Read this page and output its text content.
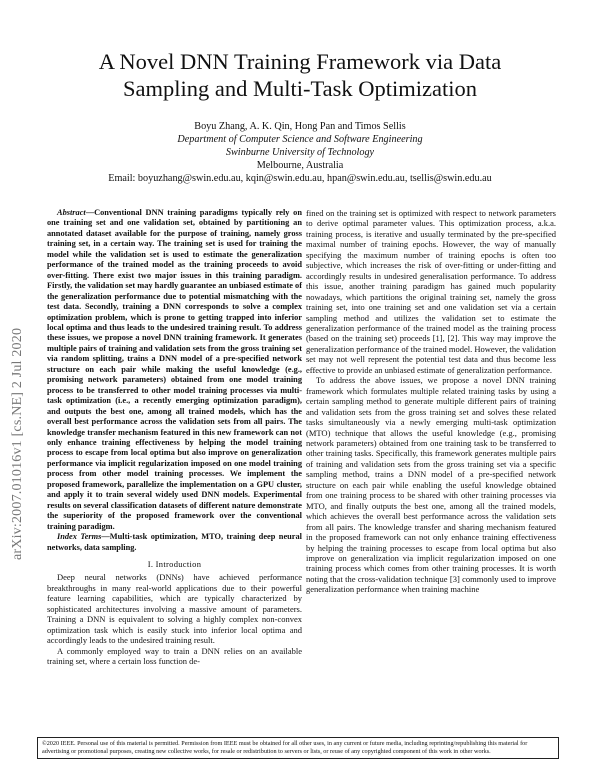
A Novel DNN Training Framework via Data
Sampling and Multi-Task Optimization
Boyu Zhang, A. K. Qin, Hong Pan and Timos Sellis
Department of Computer Science and Software Engineering
Swinburne University of Technology
Melbourne, Australia
Email: boyuzhang@swin.edu.au, kqin@swin.edu.au, hpan@swin.edu.au, tsellis@swin.edu.au
arXiv:2007.01016v1 [cs.NE] 2 Jul 2020

Abstract—Conventional DNN training paradigms typically rely on one training set and one validation set, obtained by partitioning an annotated dataset available for the purpose of training, namely gross training set, in a certain way. The training set is used for training the model while the validation set is used to estimate the generalization performance of the trained model as the training proceeds to avoid over-fitting. There exist two major issues in this training paradigm. Firstly, the validation set may hardly guarantee an unbiased estimate of the generalization performance due to potential mismatching with the test data. Secondly, training a DNN corresponds to solve a complex optimization problem, which is prone to getting trapped into inferior local optima and thus leads to the undesired training result. To address these issues, we propose a novel DNN training framework. It generates multiple pairs of training and validation sets from the gross training set via random splitting, trains a DNN model of a pre-specified network structure on each pair while making the useful knowledge (e.g., promising network parameters) obtained from one model training process to be transferred to other model training processes via multi-task optimization (i.e., a recently emerging optimization paradigm), and outputs the best one, among all trained models, which has the overall best performance across the validation sets from all pairs. The knowledge transfer mechanism featured in this new framework can not only enhance training effectiveness by helping the model training process to escape from local optima but also improve on generalization performance via implicit regularization imposed on one model training process from other model training processes. We implement the proposed framework, parallelize the implementation on a GPU cluster, and apply it to train several widely used DNN models. Experimental results on several classification datasets of different nature demonstrate the superiority of the proposed framework over the conventional training paradigm.

Index Terms—Multi-task optimization, MTO, training deep neural networks, data sampling.

I. Introduction

Deep neural networks (DNNs) have achieved performance breakthroughs in many real-world applications due to their powerful feature learning capabilities, which are typically characterized by sophisticated architectures involving a massive amount of parameters. Training a DNN is equivalent to solving a highly complex non-convex optimization task which is easily stuck into inferior local optima and accordingly leads to the undesired training result.

A commonly employed way to train a DNN relies on an available training set, where a certain loss function de-

fined on the training set is optimized with respect to network parameters to derive optimal parameter values. This optimization process, a.k.a. training process, is iterative and usually terminated by the pre-specified maximal number of training epochs. However, the way of manually specifying the maximum number of training epochs is often too subjective, which increases the risk of over-fitting or under-fitting and accordingly results in undesired generalisation performance. To address this issue, another training paradigm has gained much popularity nowadays, which partitions the original training set, namely the gross training set, into one training set and one validation set via a certain sampling method and utilizes the validation set to estimate the generalization performance of the trained model as the training process (based on the training set) proceeds [1], [2]. This way may improve the generalization performance of the trained model. However, the validation set may not well represent the potential test data and thus become less effective to provide an unbiased estimate of generalization performance.

To address the above issues, we propose a novel DNN training framework which formulates multiple related training tasks by using a certain sampling method to generate multiple different pairs of training and validation sets from the gross training set and solves these related tasks simultaneously via a newly emerging multi-task optimization (MTO) technique that allows the useful knowledge (e.g., promising network parameters) obtained from one training task to be transferred to other training tasks. Specifically, this framework generates multiple pairs of training and validation sets from the gross training set via a specific sampling method, trains a DNN model of a pre-specified network structure on each pair while enabling the useful knowledge obtained from one training process to be shared with other training processes via MTO, and finally outputs the best one, among all the trained models, which achieves the overall best performance across the validation sets from all pairs. The knowledge transfer and sharing mechanism featured in the proposed framework can not only enhance training effectiveness by helping the training processes to escape from local optima but also improve on generalization via implicit regularization imposed on one training process which comes from other training processes. It is worth noting that the cross-validation technique [3] commonly used to improve generalization performance when training machine

©2020 IEEE. Personal use of this material is permitted. Permission from IEEE must be obtained for all other uses, in any current or future media, including reprinting/republishing this material for advertising or promotional purposes, creating new collective works, for resale or redistribution to servers or lists, or reuse of any copyrighted component of this work in other works.
